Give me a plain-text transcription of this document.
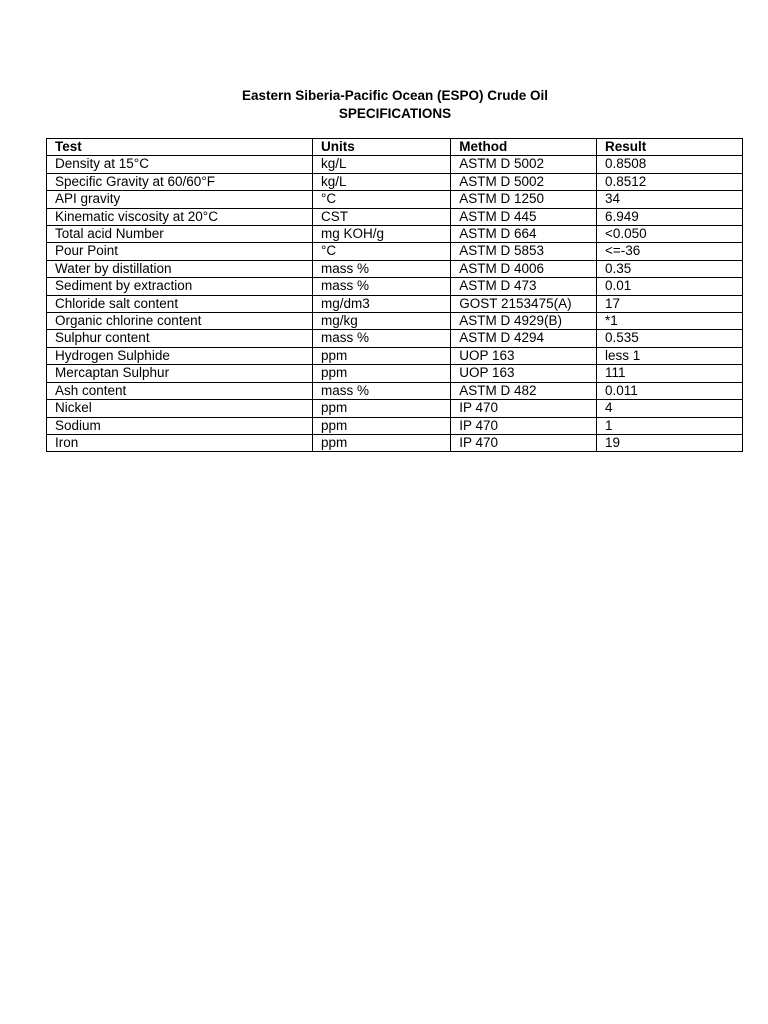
Eastern Siberia-Pacific Ocean (ESPO) Crude Oil
SPECIFICATIONS
Test	Units	Method	Result
Density at 15°C	kg/L	ASTM D 5002	0.8508
Specific Gravity at 60/60°F	kg/L	ASTM D 5002	0.8512
API gravity	°C	ASTM D 1250	34
Kinematic viscosity at 20°C	CST	ASTM D 445	6.949
Total acid Number	mg KOH/g	ASTM D 664	<0.050
Pour Point	°C	ASTM D 5853	<=-36
Water by distillation	mass %	ASTM D 4006	0.35
Sediment by extraction	mass %	ASTM D 473	0.01
Chloride salt content	mg/dm3	GOST 2153475(A)	17
Organic chlorine content	mg/kg	ASTM D 4929(B)	*1
Sulphur content	mass %	ASTM D 4294	0.535
Hydrogen Sulphide	ppm	UOP 163	less 1
Mercaptan Sulphur	ppm	UOP 163	111
Ash content	mass %	ASTM D 482	0.011
Nickel	ppm	IP 470	4
Sodium	ppm	IP 470	1
Iron	ppm	IP 470	19
